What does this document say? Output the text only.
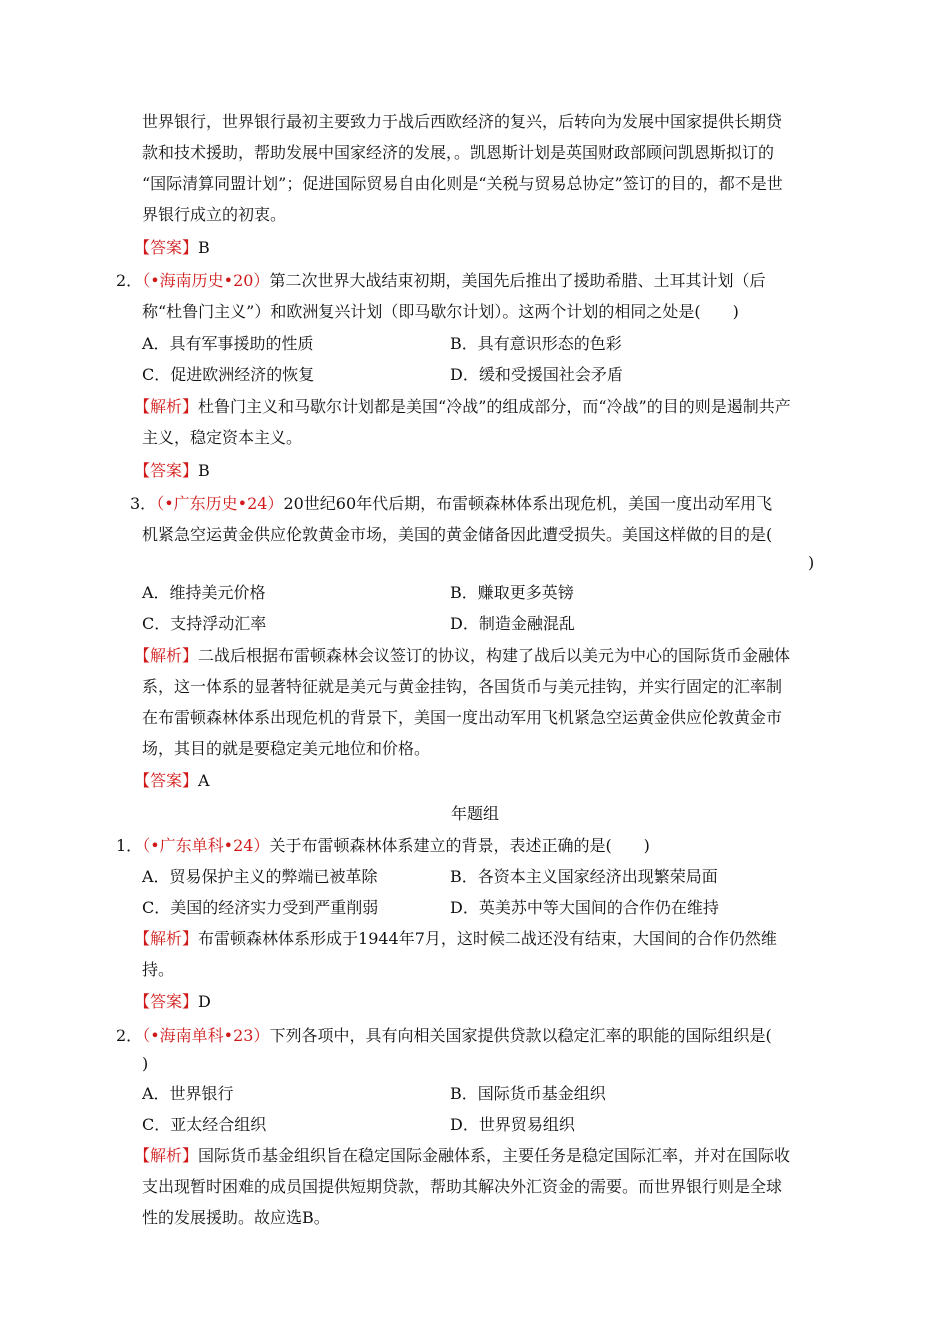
世界银行，世界银行最初主要致力于战后西欧经济的复兴，后转向为发展中国家提供长期贷
款和技术援助，帮助发展中国家经济的发展，。凯恩斯计划是英国财政部顾问凯恩斯拟订的
“国际清算同盟计划”；促进国际贸易自由化则是“关税与贸易总协定”签订的目的，都不是世
界银行成立的初衷。
【答案】B
2．（•海南历史•20）第二次世界大战结束初期，美国先后推出了援助希腊、土耳其计划（后
称“杜鲁门主义”）和欧洲复兴计划（即马歇尔计划）。这两个计划的相同之处是(　　)
A．具有军事援助的性质	B．具有意识形态的色彩
C．促进欧洲经济的恢复	D．缓和受援国社会矛盾
【解析】杜鲁门主义和马歇尔计划都是美国“冷战”的组成部分，而“冷战”的目的则是遏制共产
主义，稳定资本主义。
【答案】B
3．（•广东历史•24）20世纪60年代后期，布雷顿森林体系出现危机，美国一度出动军用飞
机紧急空运黄金供应伦敦黄金市场，美国的黄金储备因此遭受损失。美国这样做的目的是(
)
A．维持美元价格	B．赚取更多英镑
C．支持浮动汇率	D．制造金融混乱
【解析】二战后根据布雷顿森林会议签订的协议，构建了战后以美元为中心的国际货币金融体
系，这一体系的显著特征就是美元与黄金挂钩，各国货币与美元挂钩，并实行固定的汇率制
在布雷顿森林体系出现危机的背景下，美国一度出动军用飞机紧急空运黄金供应伦敦黄金市
场，其目的就是要稳定美元地位和价格。
【答案】A
年题组
1．（•广东单科•24）关于布雷顿森林体系建立的背景，表述正确的是(　　)
A．贸易保护主义的弊端已被革除	B．各资本主义国家经济出现繁荣局面
C．美国的经济实力受到严重削弱	D．英美苏中等大国间的合作仍在维持
【解析】布雷顿森林体系形成于1944年7月，这时候二战还没有结束，大国间的合作仍然维
持。
【答案】D
2．（•海南单科•23）下列各项中，具有向相关国家提供贷款以稳定汇率的职能的国际组织是(
)
A．世界银行	B．国际货币基金组织
C．亚太经合组织	D．世界贸易组织
【解析】国际货币基金组织旨在稳定国际金融体系，主要任务是稳定国际汇率，并对在国际收
支出现暂时困难的成员国提供短期贷款，帮助其解决外汇资金的需要。而世界银行则是全球
性的发展援助。故应选B。
